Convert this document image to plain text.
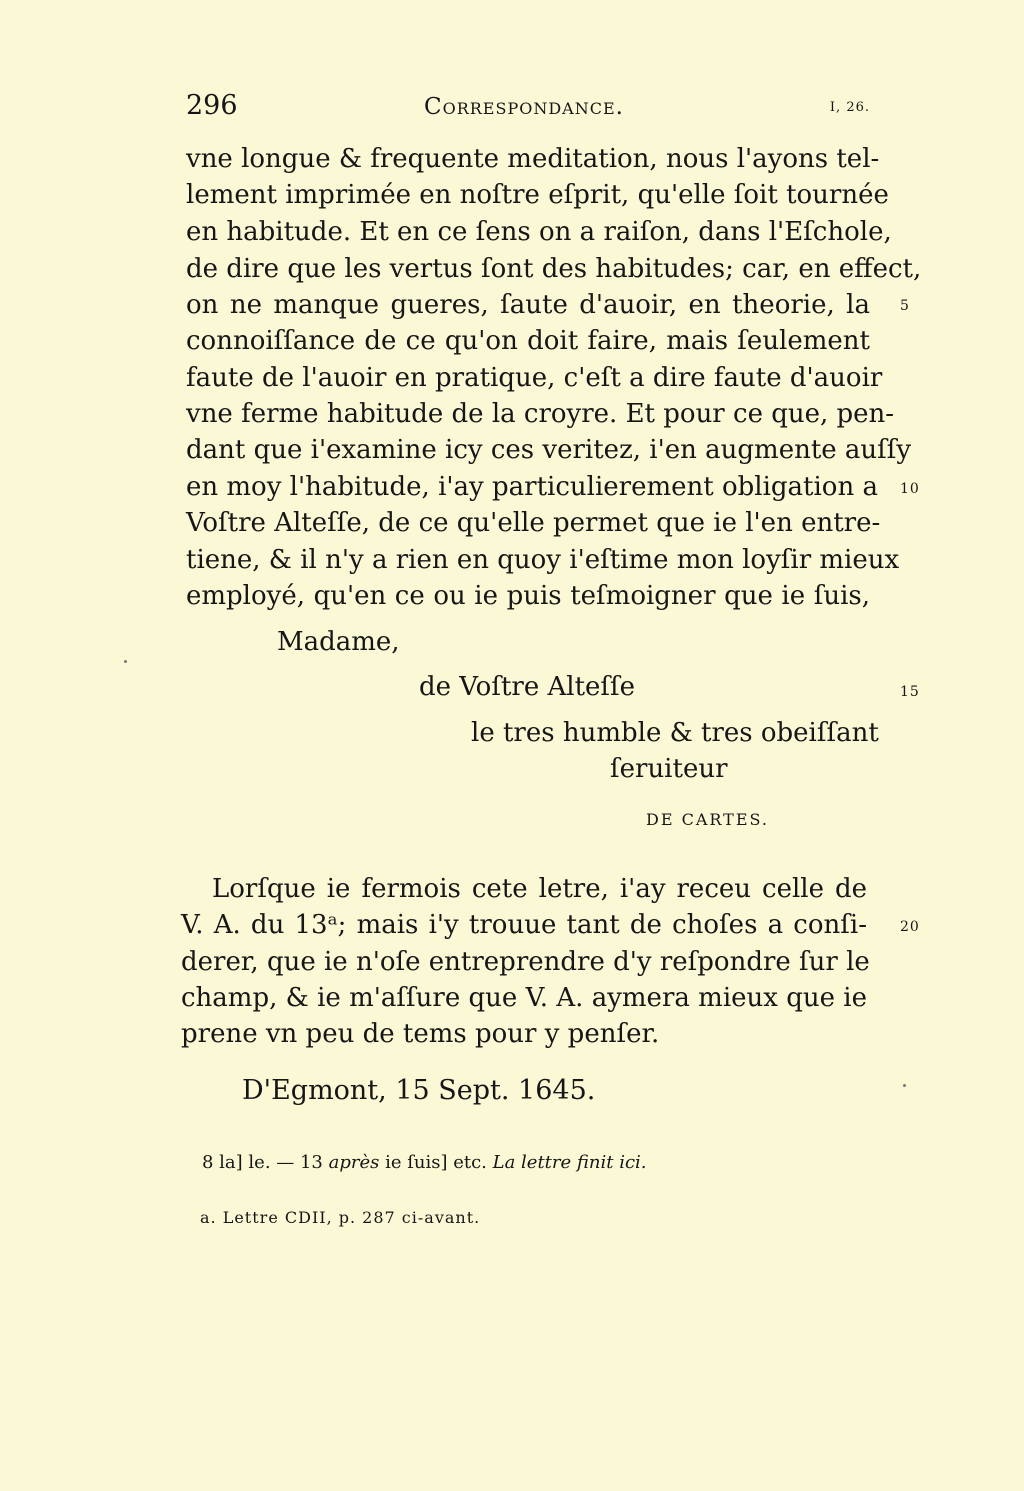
296	Correspondance.	I, 26.
vne longue & frequente meditation, nous l'ayons tel-
lement imprimée en noſtre eſprit, qu'elle ſoit tournée
en habitude. Et en ce ſens on a raiſon, dans l'Eſchole,
de dire que les vertus ſont des habitudes; car, en effect,
on ne manque gueres, ſaute d'auoir, en theorie, la
connoiſſance de ce qu'on doit faire, mais ſeulement
faute de l'auoir en pratique, c'eſt a dire faute d'auoir
vne ferme habitude de la croyre. Et pour ce que, pen-
dant que i'examine icy ces veritez, i'en augmente auſſy
en moy l'habitude, i'ay particulierement obligation a
Voſtre Alteſſe, de ce qu'elle permet que ie l'en entre-
tiene, & il n'y a rien en quoy i'eſtime mon loyſir mieux
employé, qu'en ce ou ie puis teſmoigner que ie ſuis,
5
10
15
20
Madame,
de Voſtre Alteſſe
le tres humble & tres obeiſſant
ſeruiteur
DE CARTES.
Lorſque ie fermois cete letre, i'ay receu celle de
V. A. du 13ᵃ; mais i'y trouue tant de choſes a conſi-
derer, que ie n'oſe entreprendre d'y reſpondre ſur le
champ, & ie m'aſſure que V. A. aymera mieux que ie
prene vn peu de tems pour y penſer.
D'Egmont, 15 Sept. 1645.
8 la] le. — 13 après ie ſuis] etc. La lettre finit ici.
a. Lettre CDII, p. 287 ci-avant.
